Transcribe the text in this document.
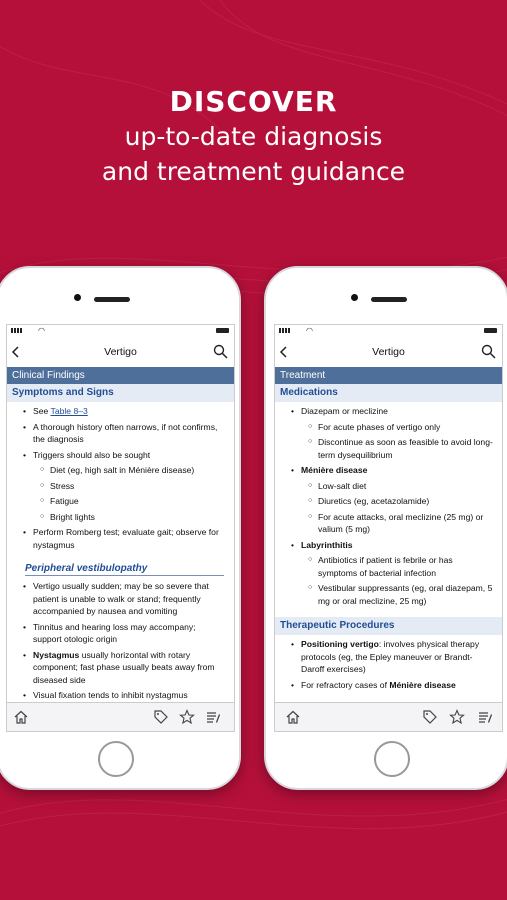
DISCOVER
up-to-date diagnosis
and treatment guidance
◠
Vertigo
Clinical Findings
Symptoms and Signs
• See Table 8–3
• A thorough history often narrows, if not confirms, the diagnosis
• Triggers should also be sought
○ Diet (eg, high salt in Ménière disease)
○ Stress
○ Fatigue
○ Bright lights
• Perform Romberg test; evaluate gait; observe for nystagmus
Peripheral vestibulopathy
• Vertigo usually sudden; may be so severe that patient is unable to walk or stand; frequently accompanied by nausea and vomiting
• Tinnitus and hearing loss may accompany; support otologic origin
• Nystagmus usually horizontal with rotary component; fast phase usually beats away from diseased side
• Visual fixation tends to inhibit nystagmus
◠
Vertigo
Treatment
Medications
• Diazepam or meclizine
○ For acute phases of vertigo only
○ Discontinue as soon as feasible to avoid long-term dysequilibrium
• Ménière disease
○ Low-salt diet
○ Diuretics (eg, acetazolamide)
○ For acute attacks, oral meclizine (25 mg) or valium (5 mg)
• Labyrinthitis
○ Antibiotics if patient is febrile or has symptoms of bacterial infection
○ Vestibular suppressants (eg, oral diazepam, 5 mg or oral meclizine, 25 mg)
Therapeutic Procedures
• Positioning vertigo: involves physical therapy protocols (eg, the Epley maneuver or Brandt-Daroff exercises)
• For refractory cases of Ménière disease
